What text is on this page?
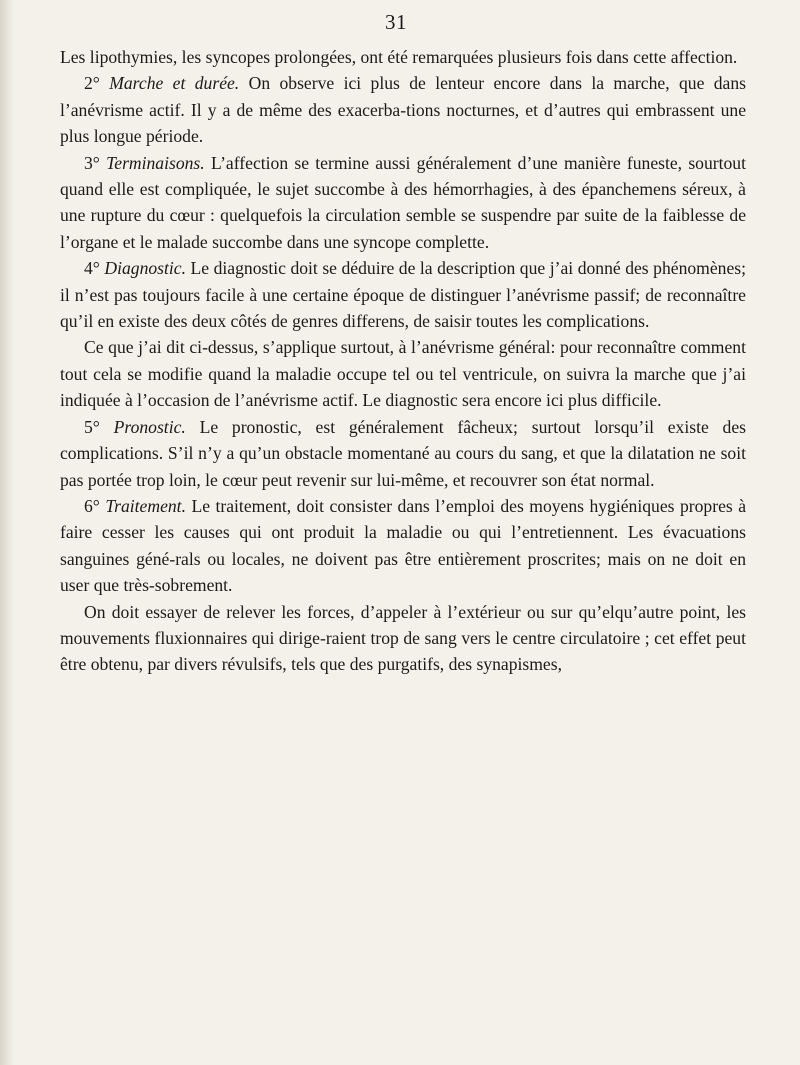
31

Les lipothymies, les syncopes prolongées, ont été remarquées plusieurs fois dans cette affection.

2° Marche et durée. On observe ici plus de lenteur encore dans la marche, que dans l’anévrisme actif. Il y a de même des exacerba-tions nocturnes, et d’autres qui embrassent une plus longue période.

3° Terminaisons. L’affection se termine aussi généralement d’une manière funeste, sourtout quand elle est compliquée, le sujet succombe à des hémorrhagies, à des épanchemens séreux, à une rupture du cœur : quelquefois la circulation semble se suspendre par suite de la faiblesse de l’organe et le malade succombe dans une syncope complette.

4° Diagnostic. Le diagnostic doit se déduire de la description que j’ai donné des phénomènes; il n’est pas toujours facile à une certaine époque de distinguer l’anévrisme passif; de reconnaître qu’il en existe des deux côtés de genres differens, de saisir toutes les complications.

Ce que j’ai dit ci-dessus, s’applique surtout, à l’anévrisme général: pour reconnaître comment tout cela se modifie quand la maladie occupe tel ou tel ventricule, on suivra la marche que j’ai indiquée à l’occasion de l’anévrisme actif. Le diagnostic sera encore ici plus difficile.

5° Pronostic. Le pronostic, est généralement fâcheux; surtout lorsqu’il existe des complications. S’il n’y a qu’un obstacle momentané au cours du sang, et que la dilatation ne soit pas portée trop loin, le cœur peut revenir sur lui-même, et recouvrer son état normal.

6° Traitement. Le traitement, doit consister dans l’emploi des moyens hygiéniques propres à faire cesser les causes qui ont produit la maladie ou qui l’entretiennent. Les évacuations sanguines géné-rals ou locales, ne doivent pas être entièrement proscrites; mais on ne doit en user que très-sobrement.

On doit essayer de relever les forces, d’appeler à l’extérieur ou sur qu’elqu’autre point, les mouvements fluxionnaires qui dirige-raient trop de sang vers le centre circulatoire ; cet effet peut être obtenu, par divers révulsifs, tels que des purgatifs, des synapismes,
